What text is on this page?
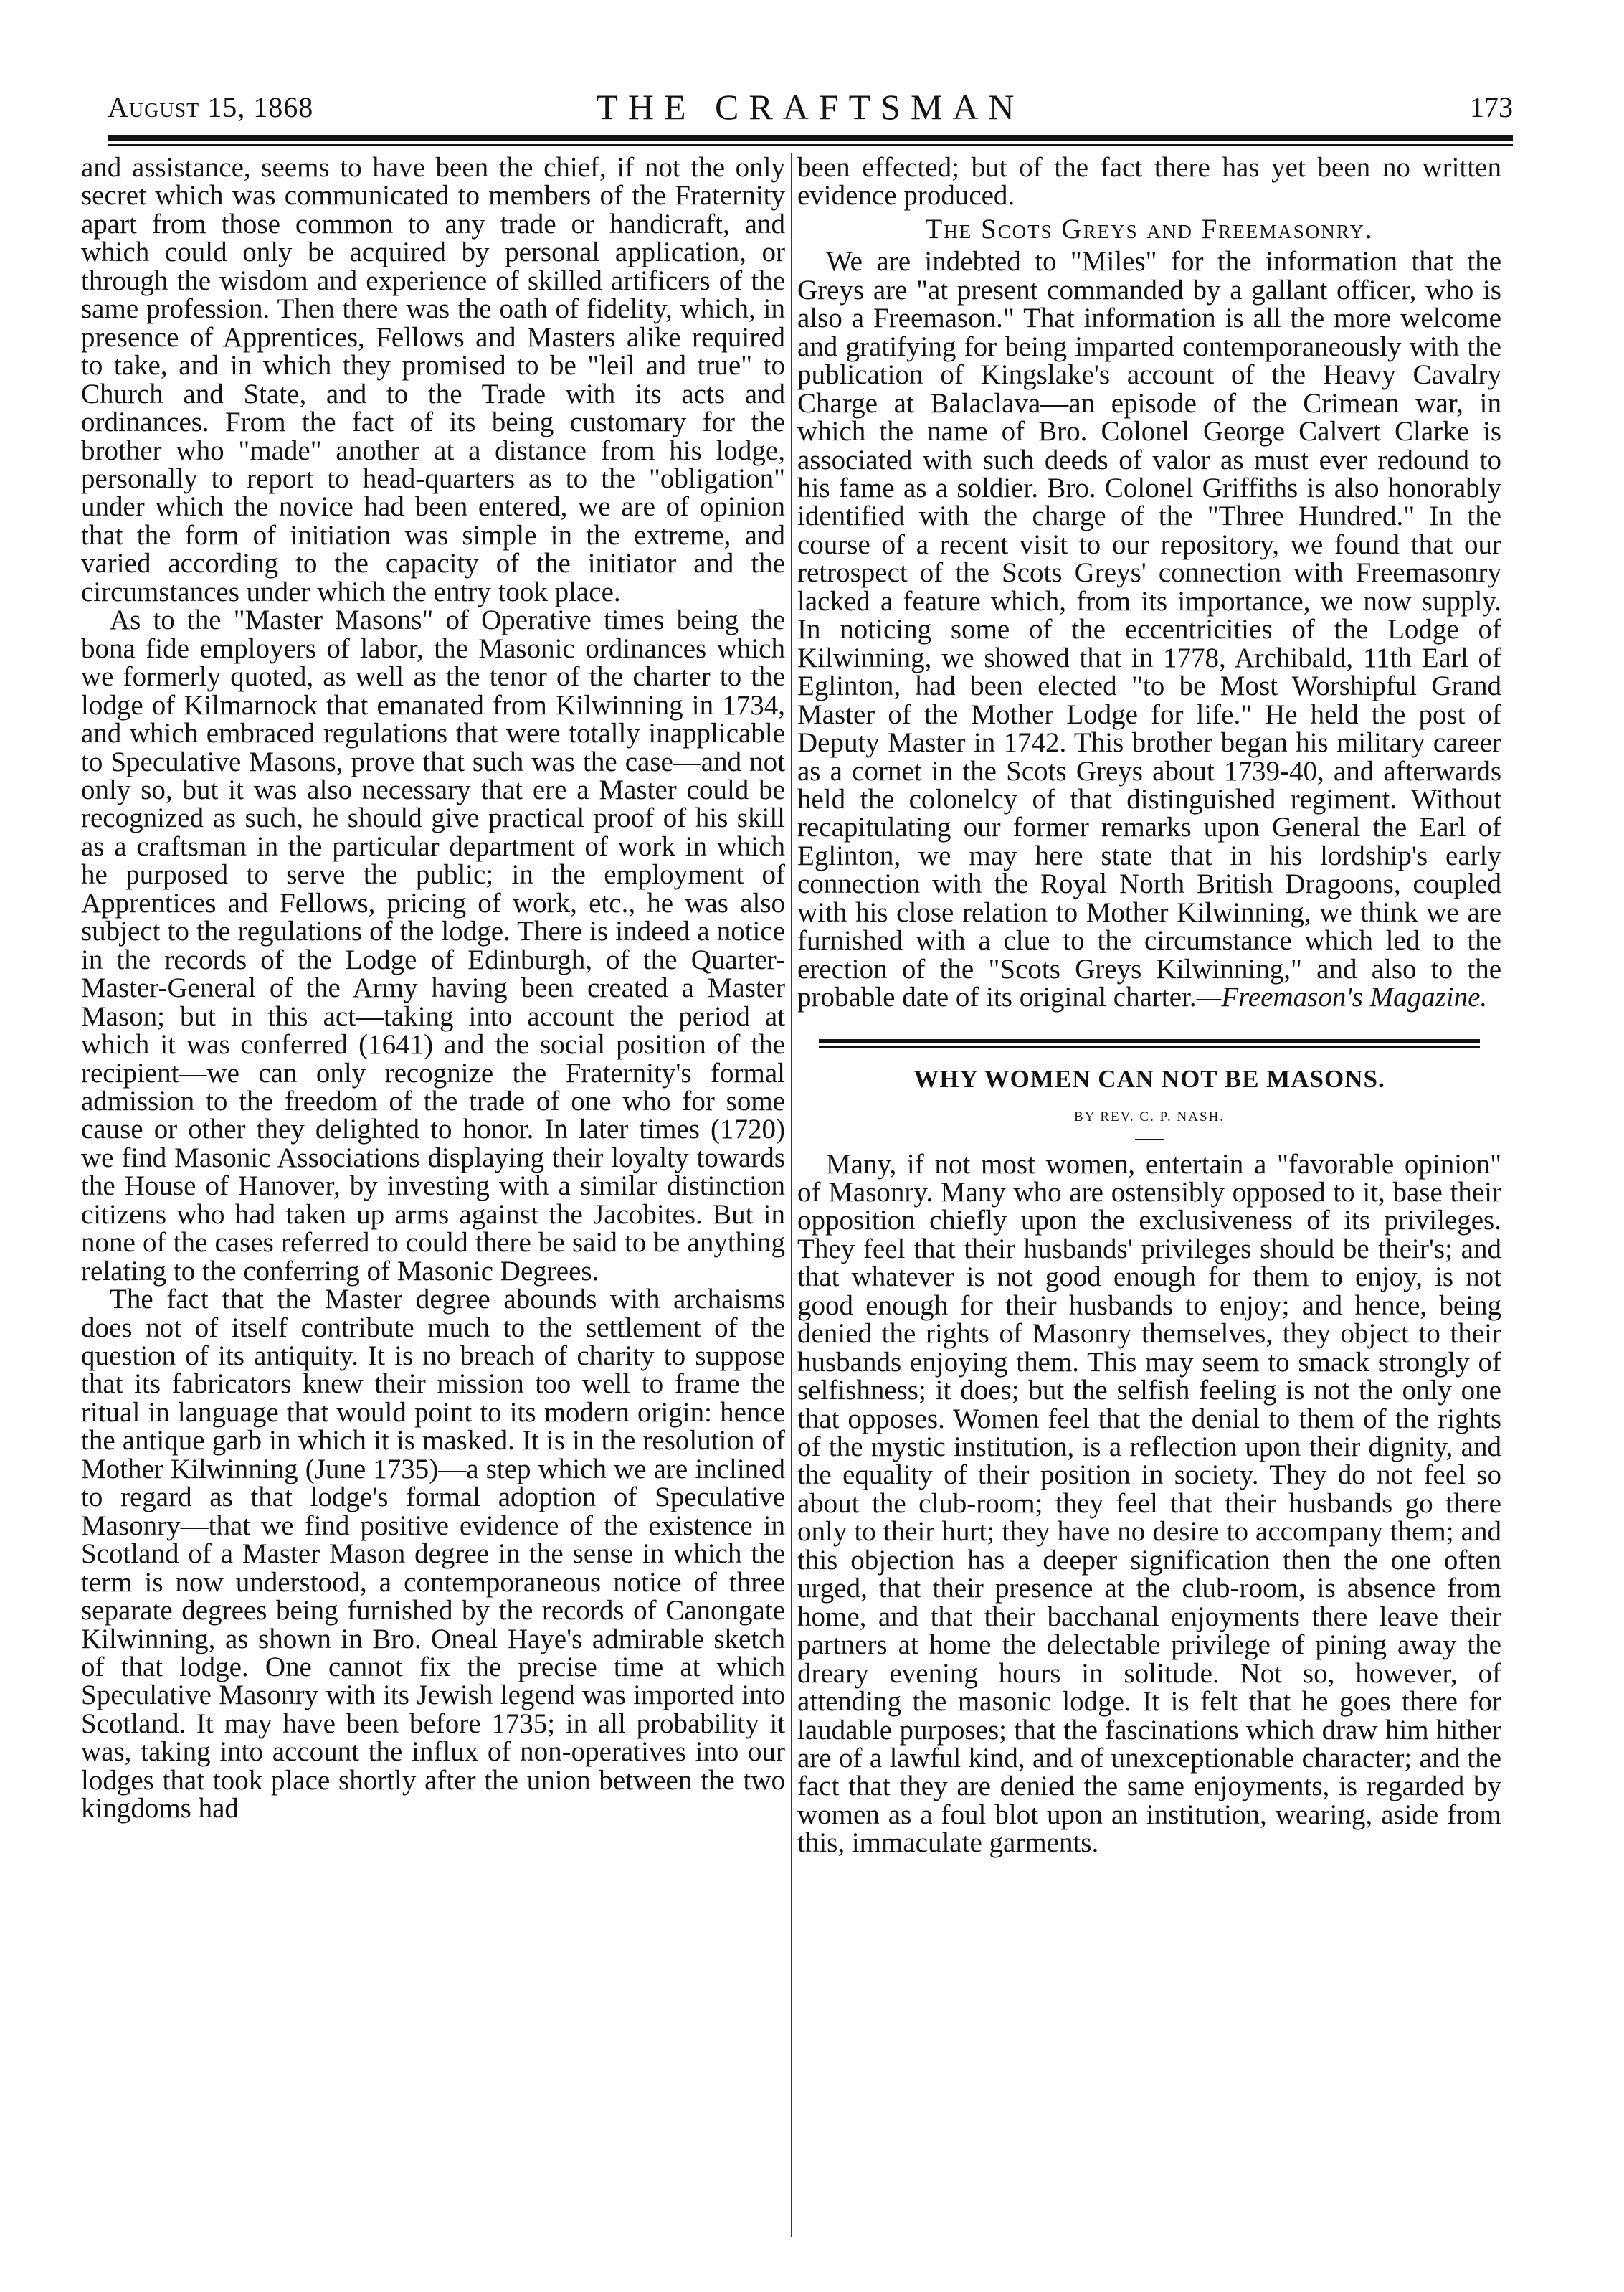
August 15, 1868	THE CRAFTSMAN	173

and assistance, seems to have been the chief, if not the only secret which was communicated to members of the Fraternity apart from those common to any trade or handicraft, and which could only be acquired by personal application, or through the wisdom and experience of skilled artificers of the same profession. Then there was the oath of fidelity, which, in presence of Apprentices, Fellows and Masters alike required to take, and in which they promised to be "leil and true" to Church and State, and to the Trade with its acts and ordinances. From the fact of its being customary for the brother who "made" another at a distance from his lodge, personally to report to head-quarters as to the "obligation" under which the novice had been entered, we are of opinion that the form of initiation was simple in the extreme, and varied according to the capacity of the initiator and the circumstances under which the entry took place.

As to the "Master Masons" of Operative times being the bona fide employers of labor, the Masonic ordinances which we formerly quoted, as well as the tenor of the charter to the lodge of Kilmarnock that emanated from Kilwinning in 1734, and which embraced regulations that were totally inapplicable to Speculative Masons, prove that such was the case—and not only so, but it was also necessary that ere a Master could be recognized as such, he should give practical proof of his skill as a craftsman in the particular department of work in which he purposed to serve the public; in the employment of Apprentices and Fellows, pricing of work, etc., he was also subject to the regulations of the lodge. There is indeed a notice in the records of the Lodge of Edinburgh, of the Quarter-Master-General of the Army having been created a Master Mason; but in this act—taking into account the period at which it was conferred (1641) and the social position of the recipient—we can only recognize the Fraternity's formal admission to the freedom of the trade of one who for some cause or other they delighted to honor. In later times (1720) we find Masonic Associations displaying their loyalty towards the House of Hanover, by investing with a similar distinction citizens who had taken up arms against the Jacobites. But in none of the cases referred to could there be said to be anything relating to the conferring of Masonic Degrees.

The fact that the Master degree abounds with archaisms does not of itself contribute much to the settlement of the question of its antiquity. It is no breach of charity to suppose that its fabricators knew their mission too well to frame the ritual in language that would point to its modern origin: hence the antique garb in which it is masked. It is in the resolution of Mother Kilwinning (June 1735)—a step which we are inclined to regard as that lodge's formal adoption of Speculative Masonry—that we find positive evidence of the existence in Scotland of a Master Mason degree in the sense in which the term is now understood, a contemporaneous notice of three separate degrees being furnished by the records of Canongate Kilwinning, as shown in Bro. Oneal Haye's admirable sketch of that lodge. One cannot fix the precise time at which Speculative Masonry with its Jewish legend was imported into Scotland. It may have been before 1735; in all probability it was, taking into account the influx of non-operatives into our lodges that took place shortly after the union between the two kingdoms had

been effected; but of the fact there has yet been no written evidence produced.

The Scots Greys and Freemasonry.

We are indebted to "Miles" for the information that the Greys are "at present commanded by a gallant officer, who is also a Freemason." That information is all the more welcome and gratifying for being imparted contemporaneously with the publication of Kingslake's account of the Heavy Cavalry Charge at Balaclava—an episode of the Crimean war, in which the name of Bro. Colonel George Calvert Clarke is associated with such deeds of valor as must ever redound to his fame as a soldier. Bro. Colonel Griffiths is also honorably identified with the charge of the "Three Hundred." In the course of a recent visit to our repository, we found that our retrospect of the Scots Greys' connection with Freemasonry lacked a feature which, from its importance, we now supply. In noticing some of the eccentricities of the Lodge of Kilwinning, we showed that in 1778, Archibald, 11th Earl of Eglinton, had been elected "to be Most Worshipful Grand Master of the Mother Lodge for life." He held the post of Deputy Master in 1742. This brother began his military career as a cornet in the Scots Greys about 1739-40, and afterwards held the colonelcy of that distinguished regiment. Without recapitulating our former remarks upon General the Earl of Eglinton, we may here state that in his lordship's early connection with the Royal North British Dragoons, coupled with his close relation to Mother Kilwinning, we think we are furnished with a clue to the circumstance which led to the erection of the "Scots Greys Kilwinning," and also to the probable date of its original charter.—Freemason's Magazine.

WHY WOMEN CAN NOT BE MASONS.
BY REV. C. P. NASH.

Many, if not most women, entertain a "favorable opinion" of Masonry. Many who are ostensibly opposed to it, base their opposition chiefly upon the exclusiveness of its privileges. They feel that their husbands' privileges should be their's; and that whatever is not good enough for them to enjoy, is not good enough for their husbands to enjoy; and hence, being denied the rights of Masonry themselves, they object to their husbands enjoying them. This may seem to smack strongly of selfishness; it does; but the selfish feeling is not the only one that opposes. Women feel that the denial to them of the rights of the mystic institution, is a reflection upon their dignity, and the equality of their position in society. They do not feel so about the club-room; they feel that their husbands go there only to their hurt; they have no desire to accompany them; and this objection has a deeper signification then the one often urged, that their presence at the club-room, is absence from home, and that their bacchanal enjoyments there leave their partners at home the delectable privilege of pining away the dreary evening hours in solitude. Not so, however, of attending the masonic lodge. It is felt that he goes there for laudable purposes; that the fascinations which draw him hither are of a lawful kind, and of unexceptionable character; and the fact that they are denied the same enjoyments, is regarded by women as a foul blot upon an institution, wearing, aside from this, immaculate garments.
